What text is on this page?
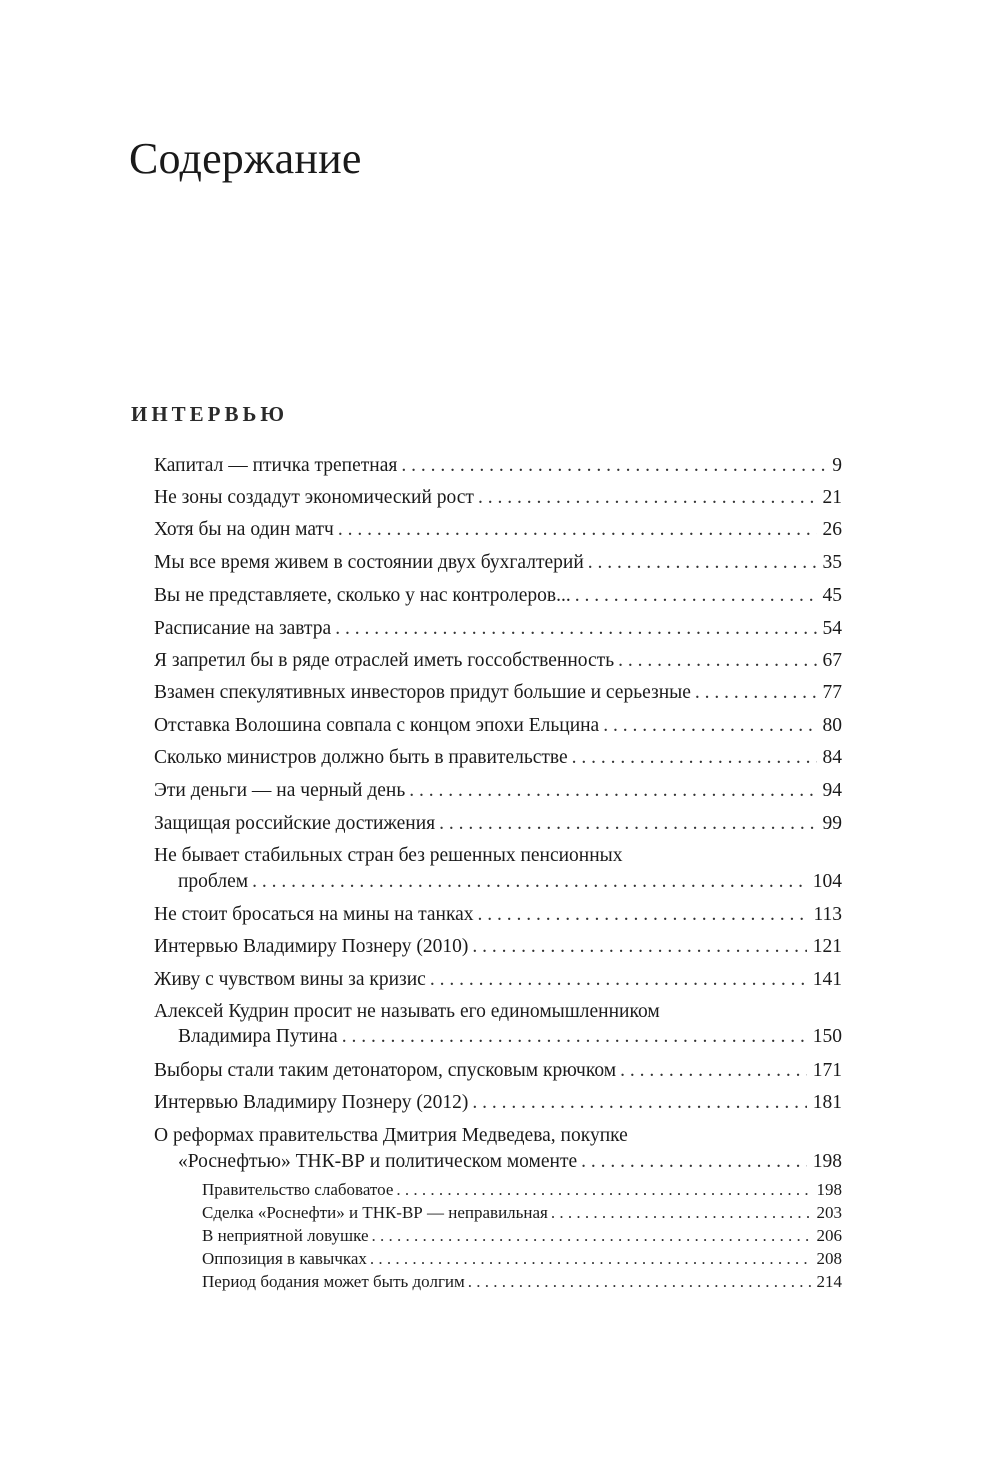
Содержание
ИНТЕРВЬЮ
Капитал — птичка трепетная . . .	9
Не зоны создадут экономический рост . . .	21
Хотя бы на один матч . . .	26
Мы все время живем в состоянии двух бухгалтерий . . .	35
Вы не представляете, сколько у нас контролеров... . . .	45
Расписание на завтра . . .	54
Я запретил бы в ряде отраслей иметь госсобственность . . .	67
Взамен спекулятивных инвесторов придут большие и серьезные . . .	77
Отставка Волошина совпала с концом эпохи Ельцина . . .	80
Сколько министров должно быть в правительстве . . .	84
Эти деньги — на черный день . . .	94
Защищая российские достижения . . .	99
Не бывает стабильных стран без решенных пенсионных
проблем . . .	104
Не стоит бросаться на мины на танках . . .	113
Интервью Владимиру Познеру (2010) . . .	121
Живу с чувством вины за кризис . . .	141
Алексей Кудрин просит не называть его единомышленником
Владимира Путина . . .	150
Выборы стали таким детонатором, спусковым крючком . . .	171
Интервью Владимиру Познеру (2012) . . .	181
О реформах правительства Дмитрия Медведева, покупке
«Роснефтью» ТНК-ВР и политическом моменте . . .	198
Правительство слабоватое . . .	198
Сделка «Роснефти» и ТНК-ВР — неправильная . . .	203
В неприятной ловушке . . .	206
Оппозиция в кавычках . . .	208
Период бодания может быть долгим . . .	214
